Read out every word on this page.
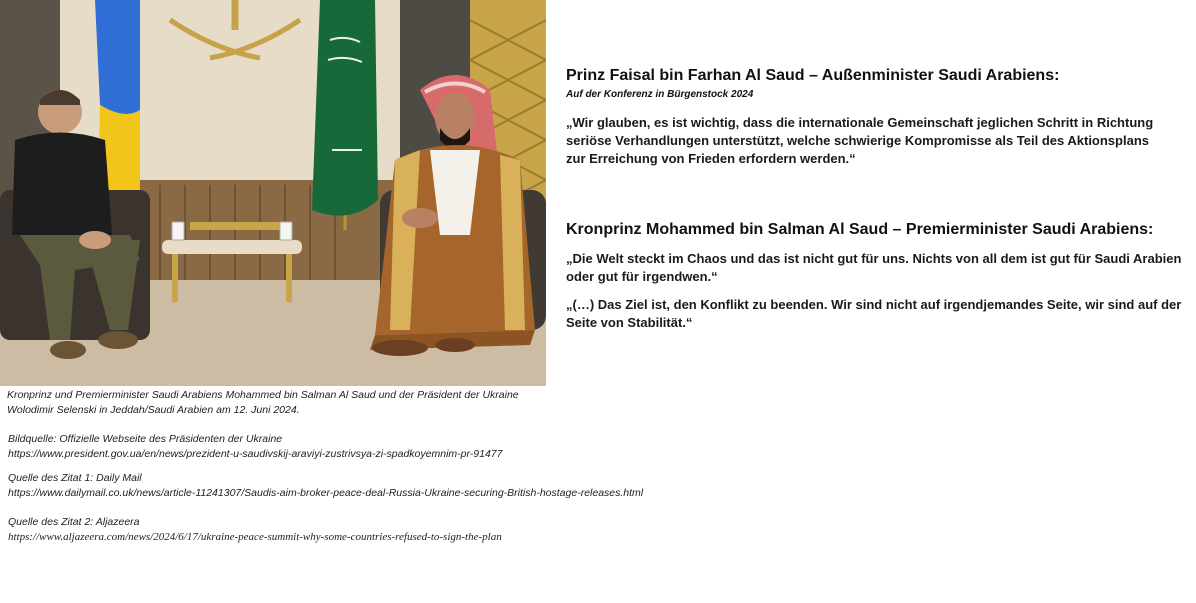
Kronprinz und Premierminister Saudi Arabiens Mohammed bin Salman Al Saud und der Präsident der Ukraine
Wolodimir Selenski in Jeddah/Saudi Arabien am 12. Juni 2024.
Bildquelle: Offizielle Webseite des Präsidenten der Ukraine
https://www.president.gov.ua/en/news/prezident-u-saudivskij-araviyi-zustrivsya-zi-spadkoyemnim-pr-91477
Quelle des Zitat 1: Daily Mail
https://www.dailymail.co.uk/news/article-11241307/Saudis-aim-broker-peace-deal-Russia-Ukraine-securing-British-hostage-releases.html
Quelle des Zitat 2: Aljazeera
https://www.aljazeera.com/news/2024/6/17/ukraine-peace-summit-why-some-countries-refused-to-sign-the-plan
Prinz Faisal bin Farhan Al Saud – Außenminister Saudi Arabiens:
Auf der Konferenz in Bürgenstock 2024
„Wir glauben, es ist wichtig, dass die internationale Gemeinschaft jeglichen Schritt in Richtung
seriöse Verhandlungen unterstützt, welche schwierige Kompromisse als Teil des Aktionsplans
zur Erreichung von Frieden erfordern werden.“
Kronprinz Mohammed bin Salman Al Saud – Premierminister Saudi Arabiens:
„Die Welt steckt im Chaos und das ist nicht gut für uns. Nichts von all dem ist gut für Saudi Arabien
oder gut für irgendwen.“
„(…) Das Ziel ist, den Konflikt zu beenden. Wir sind nicht auf irgendjemandes Seite, wir sind auf der
Seite von Stabilität.“
